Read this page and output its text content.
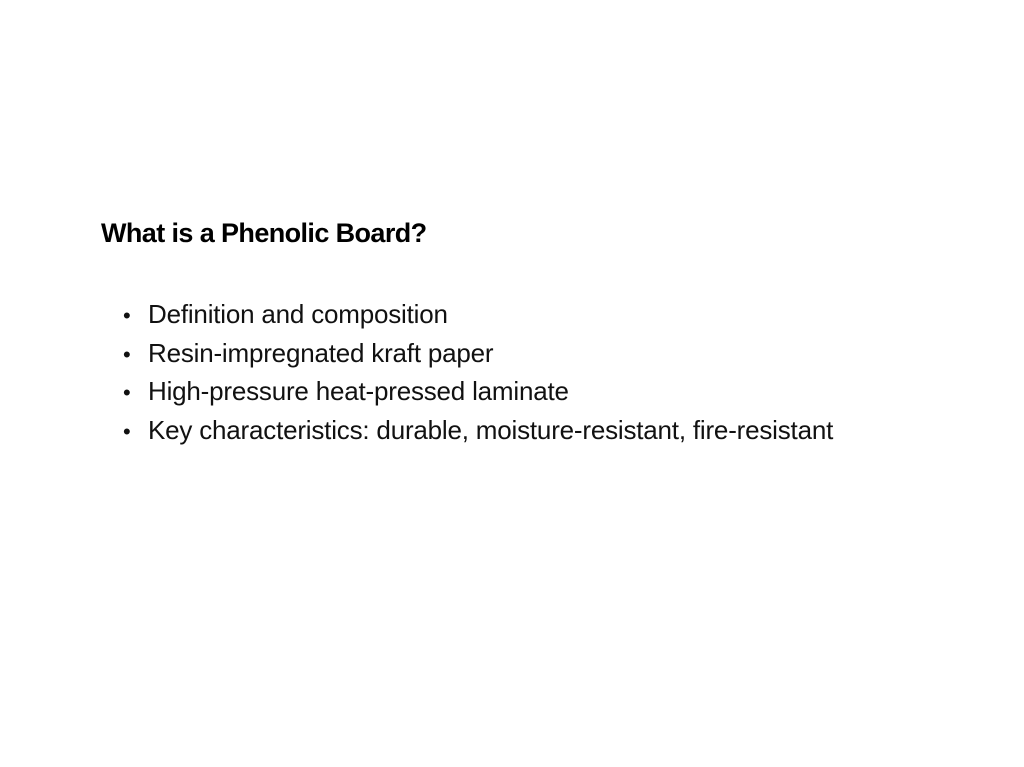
What is a Phenolic Board?
• Definition and composition
• Resin-impregnated kraft paper
• High-pressure heat-pressed laminate
• Key characteristics: durable, moisture-resistant, fire-resistant
